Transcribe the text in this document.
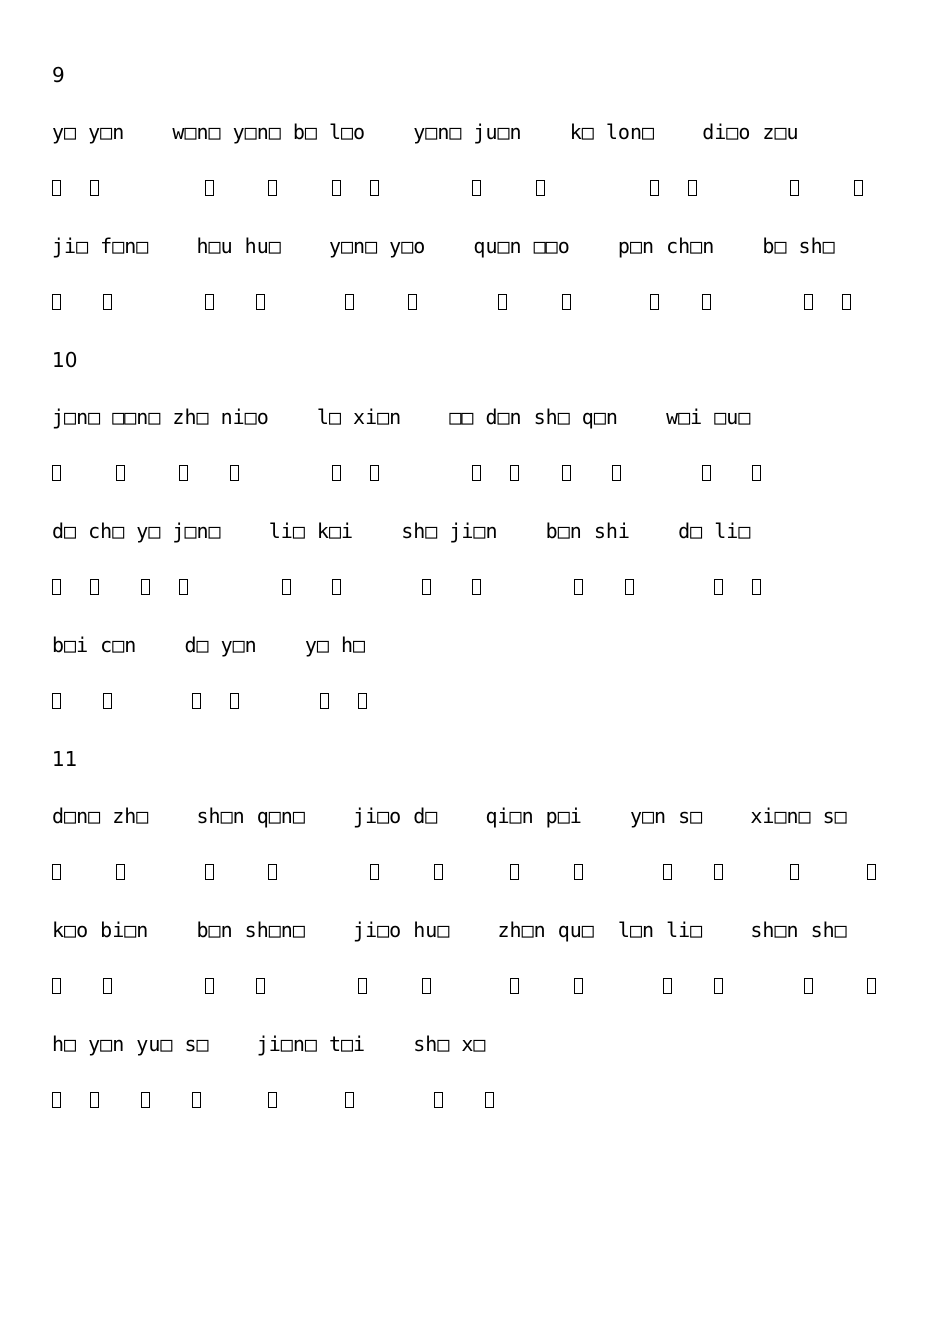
9
y□ y□n    w□n□ y□n□ b□ l□o    y□n□ ju□n    k□ lon□    di□o z□u
ji□ f□n□    h□u hu□    y□n□ y□o    qu□n □□o    p□n ch□n    b□ sh□
10
j□n□ □□n□ zh□ ni□o    l□ xi□n    □□ d□n sh□ q□n    w□i □u□
d□ ch□ y□ j□n□    li□ k□i    sh□ ji□n    b□n shi    d□ li□
b□i c□n    d□ y□n    y□ h□
11
d□n□ zh□    sh□n q□n□    ji□o d□    qi□n p□i    y□n s□    xi□n□ s□
k□o bi□n    b□n sh□n□    ji□o hu□    zh□n qu□  l□n li□    sh□n sh□
h□ y□n yu□ s□    ji□n□ t□i    sh□ x□
